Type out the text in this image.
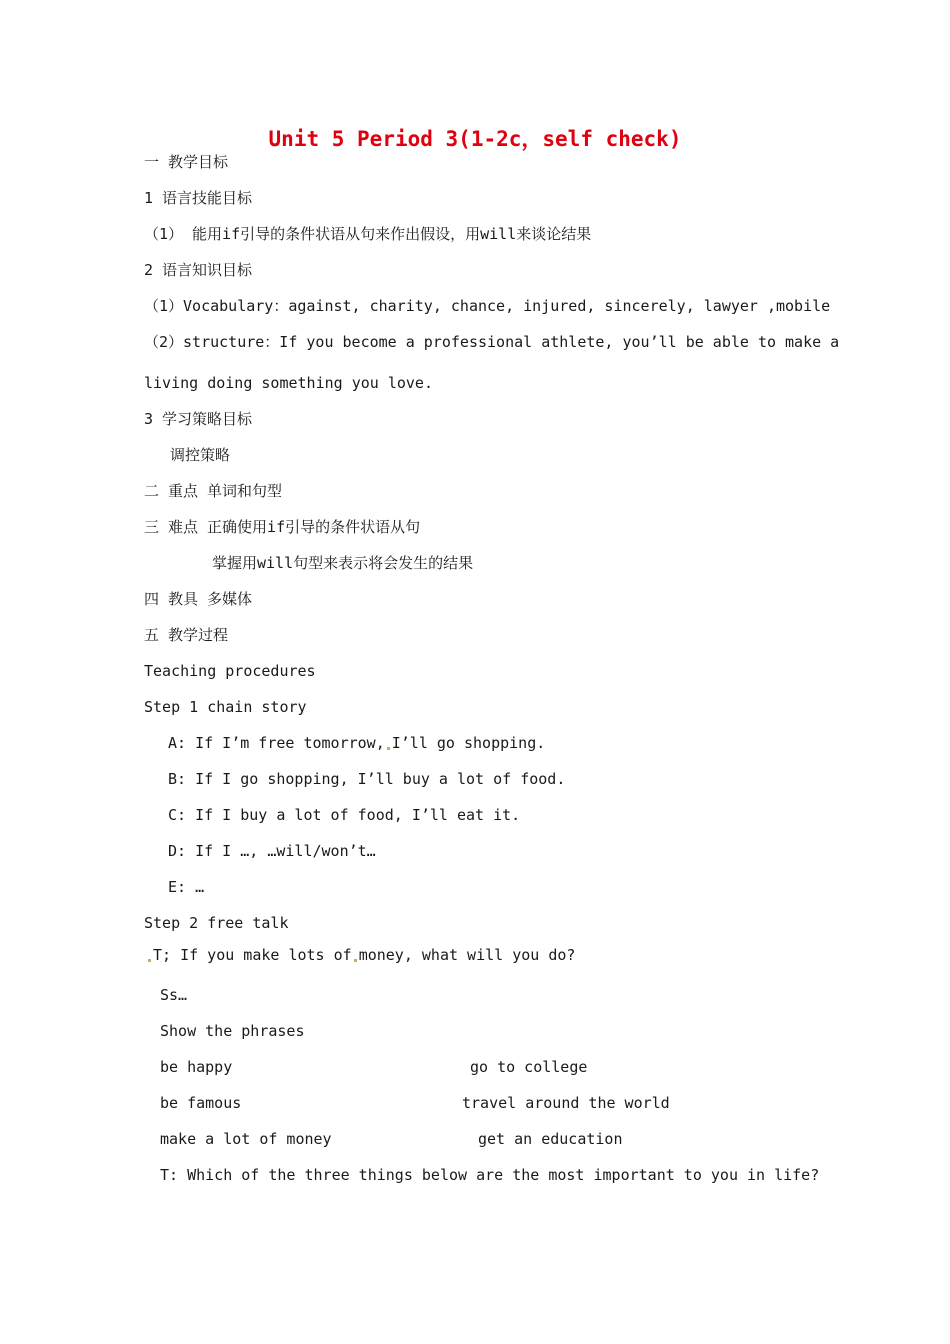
Unit 5 Period 3(1-2c，self check)
一 教学目标
1 语言技能目标
（1） 能用if引导的条件状语从句来作出假设，用will来谈论结果
2 语言知识目标
（1）Vocabulary：against, charity, chance, injured, sincerely, lawyer ,mobile
（2）structure：If you become a professional athlete, you’ll be able to make a
living doing something you love.
3 学习策略目标
调控策略
二 重点 单词和句型
三 难点 正确使用if引导的条件状语从句
掌握用will句型来表示将会发生的结果
四 教具 多媒体
五 教学过程
Teaching procedures
Step 1 chain story
A: If I’m free tomorrow, I’ll go shopping.
B: If I go shopping, I’ll buy a lot of food.
C: If I buy a lot of food, I’ll eat it.
D: If I …, …will/won’t…
E: …
Step 2 free talk
T; If you make lots of money, what will you do?
Ss…
Show the phrases
be happy	go to college
be famous	travel around the world
make a lot of money	get an education
T: Which of the three things below are the most important to you in life?
